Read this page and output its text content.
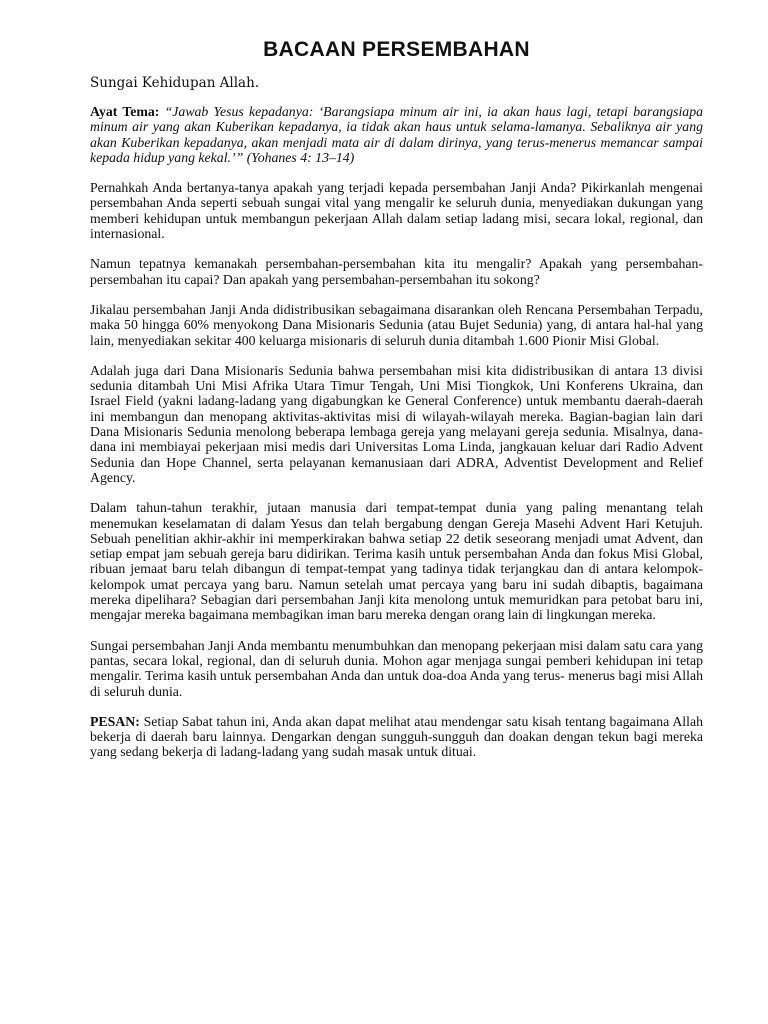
BACAAN PERSEMBAHAN
Sungai Kehidupan Allah.

Ayat Tema: “Jawab Yesus kepadanya: ‘Barangsiapa minum air ini, ia akan haus lagi, tetapi barangsiapa minum air yang akan Kuberikan kepadanya, ia tidak akan haus untuk selama-lamanya. Sebaliknya air yang akan Kuberikan kepadanya, akan menjadi mata air di dalam dirinya, yang terus-menerus memancar sampai kepada hidup yang kekal.’” (Yohanes 4: 13–14)

Pernahkah Anda bertanya-tanya apakah yang terjadi kepada persembahan Janji Anda? Pikirkanlah mengenai persembahan Anda seperti sebuah sungai vital yang mengalir ke seluruh dunia, menyediakan dukungan yang memberi kehidupan untuk membangun pekerjaan Allah dalam setiap ladang misi, secara lokal, regional, dan internasional.

Namun tepatnya kemanakah persembahan-persembahan kita itu mengalir? Apakah yang persembahan- persembahan itu capai? Dan apakah yang persembahan-persembahan itu sokong?

Jikalau persembahan Janji Anda didistribusikan sebagaimana disarankan oleh Rencana Persembahan Terpadu, maka 50 hingga 60% menyokong Dana Misionaris Sedunia (atau Bujet Sedunia) yang, di antara hal-hal yang lain, menyediakan sekitar 400 keluarga misionaris di seluruh dunia ditambah 1.600 Pionir Misi Global.

Adalah juga dari Dana Misionaris Sedunia bahwa persembahan misi kita didistribusikan di antara 13 divisi sedunia ditambah Uni Misi Afrika Utara Timur Tengah, Uni Misi Tiongkok, Uni Konferens Ukraina, dan Israel Field (yakni ladang-ladang yang digabungkan ke General Conference) untuk membantu daerah-daerah ini membangun dan menopang aktivitas-aktivitas misi di wilayah-wilayah mereka. Bagian-bagian lain dari Dana Misionaris Sedunia menolong beberapa lembaga gereja yang melayani gereja sedunia. Misalnya, dana-dana ini membiayai pekerjaan misi medis dari Universitas Loma Linda, jangkauan keluar dari Radio Advent Sedunia dan Hope Channel, serta pelayanan kemanusiaan dari ADRA, Adventist Development and Relief Agency.

Dalam tahun-tahun terakhir, jutaan manusia dari tempat-tempat dunia yang paling menantang telah menemukan keselamatan di dalam Yesus dan telah bergabung dengan Gereja Masehi Advent Hari Ketujuh. Sebuah penelitian akhir-akhir ini memperkirakan bahwa setiap 22 detik seseorang menjadi umat Advent, dan setiap empat jam sebuah gereja baru didirikan. Terima kasih untuk persembahan Anda dan fokus Misi Global, ribuan jemaat baru telah dibangun di tempat-tempat yang tadinya tidak terjangkau dan di antara kelompok-kelompok umat percaya yang baru. Namun setelah umat percaya yang baru ini sudah dibaptis, bagaimana mereka dipelihara? Sebagian dari persembahan Janji kita menolong untuk memuridkan para petobat baru ini, mengajar mereka bagaimana membagikan iman baru mereka dengan orang lain di lingkungan mereka.

Sungai persembahan Janji Anda membantu menumbuhkan dan menopang pekerjaan misi dalam satu cara yang pantas, secara lokal, regional, dan di seluruh dunia. Mohon agar menjaga sungai pemberi kehidupan ini tetap mengalir. Terima kasih untuk persembahan Anda dan untuk doa-doa Anda yang terus- menerus bagi misi Allah di seluruh dunia.

PESAN: Setiap Sabat tahun ini, Anda akan dapat melihat atau mendengar satu kisah tentang bagaimana Allah bekerja di daerah baru lainnya. Dengarkan dengan sungguh-sungguh dan doakan dengan tekun bagi mereka yang sedang bekerja di ladang-ladang yang sudah masak untuk dituai.
